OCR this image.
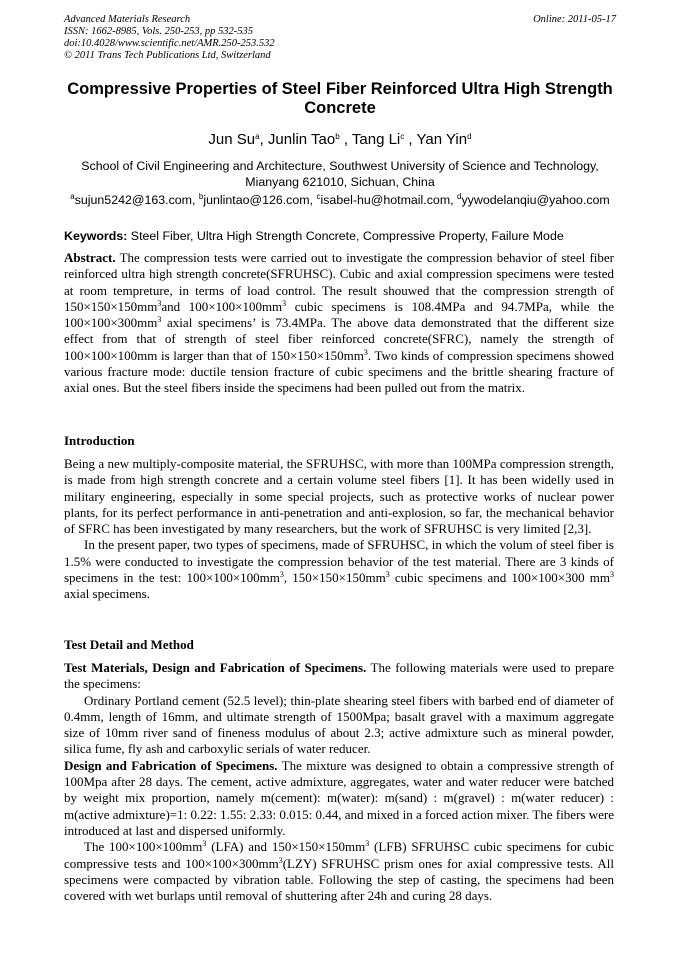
Advanced Materials Research
ISSN: 1662-8985, Vols. 250-253, pp 532-535
doi:10.4028/www.scientific.net/AMR.250-253.532
© 2011 Trans Tech Publications Ltd, Switzerland
Online: 2011-05-17
Compressive Properties of Steel Fiber Reinforced Ultra High Strength Concrete
Jun Su$^a$, Junlin Tao$^b$ , Tang Li$^c$ , Yan Yin$^d$
School of Civil Engineering and Architecture, Southwest University of Science and Technology,
Mianyang 621010, Sichuan, China
$^a$sujun5242@163.com, $^b$junlintao@126.com, $^c$isabel-hu@hotmail.com, $^d$yywodelanqiu@yahoo.com
Keywords: Steel Fiber, Ultra High Strength Concrete, Compressive Property, Failure Mode

Abstract. The compression tests were carried out to investigate the compression behavior of steel fiber reinforced ultra high strength concrete(SFRUHSC). Cubic and axial compression specimens were tested at room tempreture, in terms of load control. The result shouwed that the compression strength of $150\times 150\times 150mm^3and$ $100\times 100\times 100mm^3$ cubic specimens is 108.4MPa and 94.7MPa, while the $100\times 100\times 300mm^3$ axial specimens’ is 73.4MPa. The above data demonstrated that the different size effect from that of strength of steel fiber reinforced concrete(SFRC), namely the strength of 100×100×100mm is larger than that of $150\times 150\times 150mm^3$. Two kinds of compression specimens showed various fracture mode: ductile tension fracture of cubic specimens and the brittle shearing fracture of axial ones. But the steel fibers inside the specimens had been pulled out from the matrix.

Introduction

Being a new multiply-composite material, the SFRUHSC, with more than 100MPa compression strength, is made from high strength concrete and a certain volume steel fibers [1]. It has been widelly used in military engineering, especially in some special projects, such as protective works of nuclear power plants, for its perfect performance in anti-penetration and anti-explosion, so far, the mechanical behavior of SFRC has been investigated by many researchers, but the work of SFRUHSC is very limited [2,3].

In the present paper, two types of specimens, made of SFRUHSC, in which the volum of steel fiber is 1.5% were conducted to investigate the compression behavior of the test material. There are 3 kinds of specimens in the test: $100\times 100\times 100mm^3$, $150\times 150\times 150mm^3$ cubic specimens and 100×100×300 $mm^3$ axial specimens.

Test Detail and Method

Test Materials, Design and Fabrication of Specimens. The following materials were used to prepare the specimens:

Ordinary Portland cement (52.5 level); thin-plate shearing steel fibers with barbed end of diameter of 0.4mm, length of 16mm, and ultimate strength of 1500Mpa; basalt gravel with a maximum aggregate size of 10mm river sand of fineness modulus of about 2.3; active admixture such as mineral powder, silica fume, fly ash and carboxylic serials of water reducer.

Design and Fabrication of Specimens. The mixture was designed to obtain a compressive strength of 100Mpa after 28 days. The cement, active admixture, aggregates, water and water reducer were batched by weight mix proportion, namely m(cement): m(water): m(sand) : m(gravel) : m(water reducer) : m(active admixture)=1: 0.22: 1.55: 2.33: 0.015: 0.44, and mixed in a forced action mixer. The fibers were introduced at last and dispersed uniformly.

The $100\times 100\times 100mm^3$ (LFA) and $150\times 150\times 150mm^3$ (LFB) SFRUHSC cubic specimens for cubic compressive tests and $100\times 100\times 300mm^3(LZY)$ SFRUHSC prism ones for axial compressive tests. All specimens were compacted by vibration table. Following the step of casting, the specimens had been covered with wet burlaps until removal of shuttering after 24h and curing 28 days.
